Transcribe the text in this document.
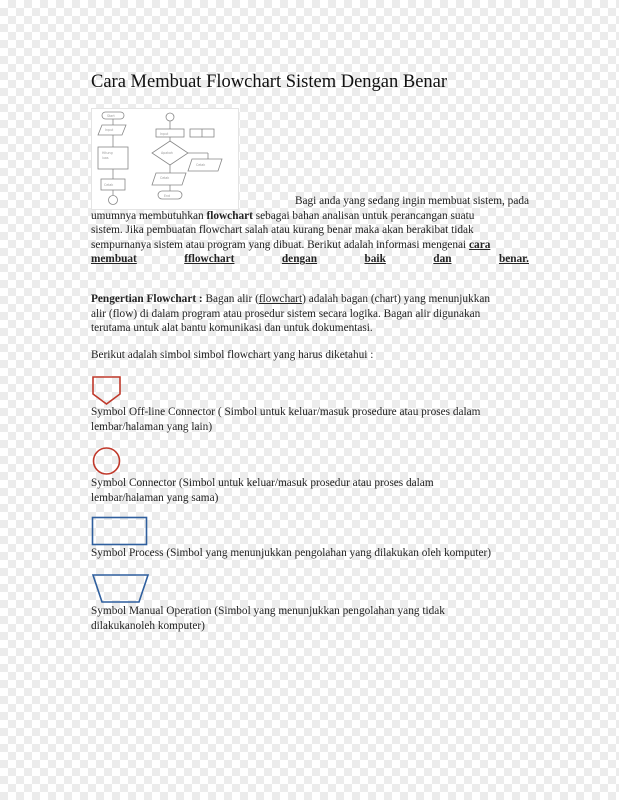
Cara Membuat Flowchart Sistem Dengan Benar
Start
Input
Hitung
luas
Cetak
Input
Apakah
Cetak
Cetak
End	Bagi anda yang sedang ingin membuat sistem, pada
umumnya membutuhkan flowchart sebagai bahan analisan untuk perancangan suatu
sistem. Jika pembuatan flowchart salah atau kurang benar maka akan berakibat tidak
sempurnanya sistem atau program yang dibuat. Berikut adalah informasi mengenai cara
membuat	fflowchart	dengan	baik	dan	benar.
Pengertian Flowchart : Bagan alir (flowchart) adalah bagan (chart) yang menunjukkan
alir (flow) di dalam program atau prosedur sistem secara logika. Bagan alir digunakan
terutama untuk alat bantu komunikasi dan untuk dokumentasi.
Berikut adalah simbol simbol flowchart yang harus diketahui :
Symbol Off-line Connector ( Simbol untuk keluar/masuk prosedure atau proses dalam
lembar/halaman yang lain)
Symbol Connector (Simbol untuk keluar/masuk prosedur atau proses dalam
lembar/halaman yang sama)
Symbol Process (Simbol yang menunjukkan pengolahan yang dilakukan oleh komputer)
Symbol Manual Operation (Simbol yang menunjukkan pengolahan yang tidak
dilakukanoleh komputer)
